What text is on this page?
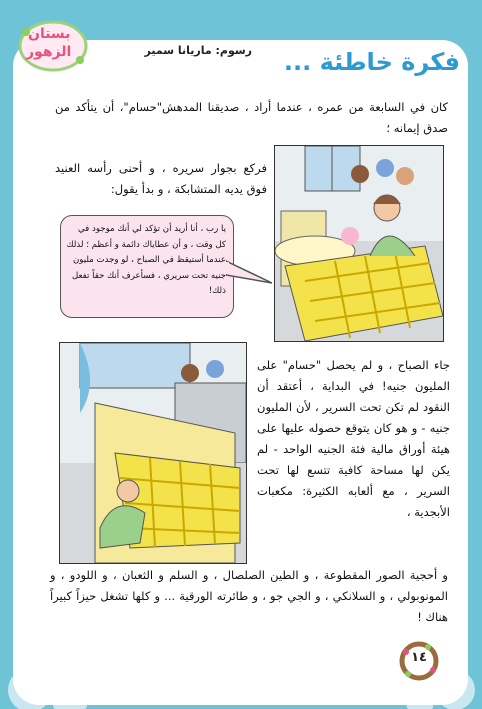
بستان
الزهور	رسوم: ماريانا سمير	فكرة خاطئة ...
كان في السابعة من عمره ، عندما أراد ، صديقنا المدهش"حسام"، أن يتأكد من صدق إيمانه ؛
فركع بجوار سريره ، و أحنى رأسه العنيد فوق يديه المتشابكة ، و بدأ يقول:
يا رب ، أنا أريد أن تؤكد لي أنك موجود في كل وقت ، و أن عطاياك دائمة و أعظم ؛ لذلك عندما أستيقظ في الصباح ، لو وجدت مليون جنيه تحت سريري ، فسأعرف أنك حقاً تفعل ذلك!
جاء الصباح ، و لم يحصل "حسام" على المليون جنيه! في البداية ، أعتقد أن النقود لم تكن تحت السرير ، لأن المليون جنيه - و هو كان يتوقع حصوله عليها على هيئة أوراق مالية فئة الجنيه الواحد - لم يكن لها مساحة كافية تتسع لها تحت السرير ، مع ألعابه الكثيرة: مكعبات الأبجدية ،
و أحجية الصور المقطوعة ، و الطين الصلصال ، و السلم و الثعبان ، و اللودو ، و المونوبولي ، و السلانكي ، و الجي جو ، و طائرته الورقية ... و كلها تشغل حيزاً كبيراً هناك !
١٤
